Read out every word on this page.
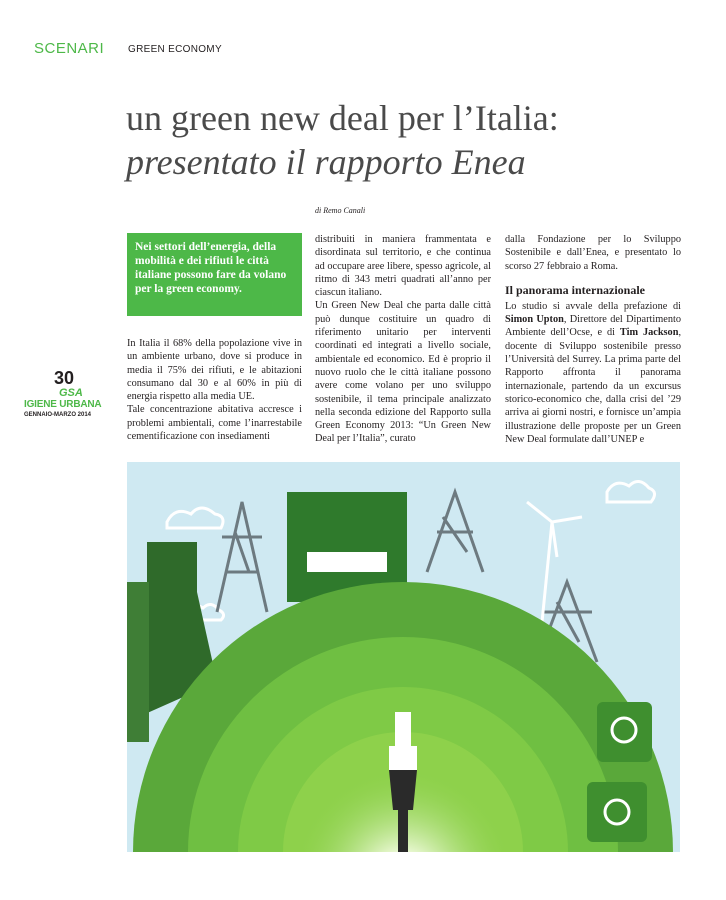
SCENARI GREEN ECONOMY
un green new deal per l’Italia:
presentato il rapporto Enea
di Remo Canali
Nei settori dell’energia, della mobilità e dei rifiuti le città italiane possono fare da volano per la green economy.

In Italia il 68% della popolazione vive in un ambiente urbano, dove si produce in media il 75% dei rifiuti, e le abitazioni consumano dal 30 e al 60% in più di energia rispetto alla media UE.

Tale concentrazione abitativa accresce i problemi ambientali, come l’inarrestabile cementificazione con insediamenti

distribuiti in maniera frammentata e disordinata sul territorio, e che continua ad occupare aree libere, spesso agricole, al ritmo di 343 metri quadrati all’anno per ciascun italiano.

Un Green New Deal che parta dalle città può dunque costituire un quadro di riferimento unitario per interventi coordinati ed integrati a livello sociale, ambientale ed economico. Ed è proprio il nuovo ruolo che le città italiane possono avere come volano per uno sviluppo sostenibile, il tema principale analizzato nella seconda edizione del Rapporto sulla Green Economy 2013: “Un Green New Deal per l’Italia”, curato

dalla Fondazione per lo Sviluppo Sostenibile e dall’Enea, e presentato lo scorso 27 febbraio a Roma.

Il panorama internazionale

Lo studio si avvale della prefazione di Simon Upton, Direttore del Dipartimento Ambiente dell’Ocse, e di Tim Jackson, docente di Sviluppo sostenibile presso l’Università del Surrey. La prima parte del Rapporto affronta il panorama internazionale, partendo da un excursus storico-economico che, dalla crisi del ’29 arriva ai giorni nostri, e fornisce un’ampia illustrazione delle proposte per un Green New Deal formulate dall’UNEP e

30
GSA
IGIENE URBANA
GENNAIO-MARZO 2014
